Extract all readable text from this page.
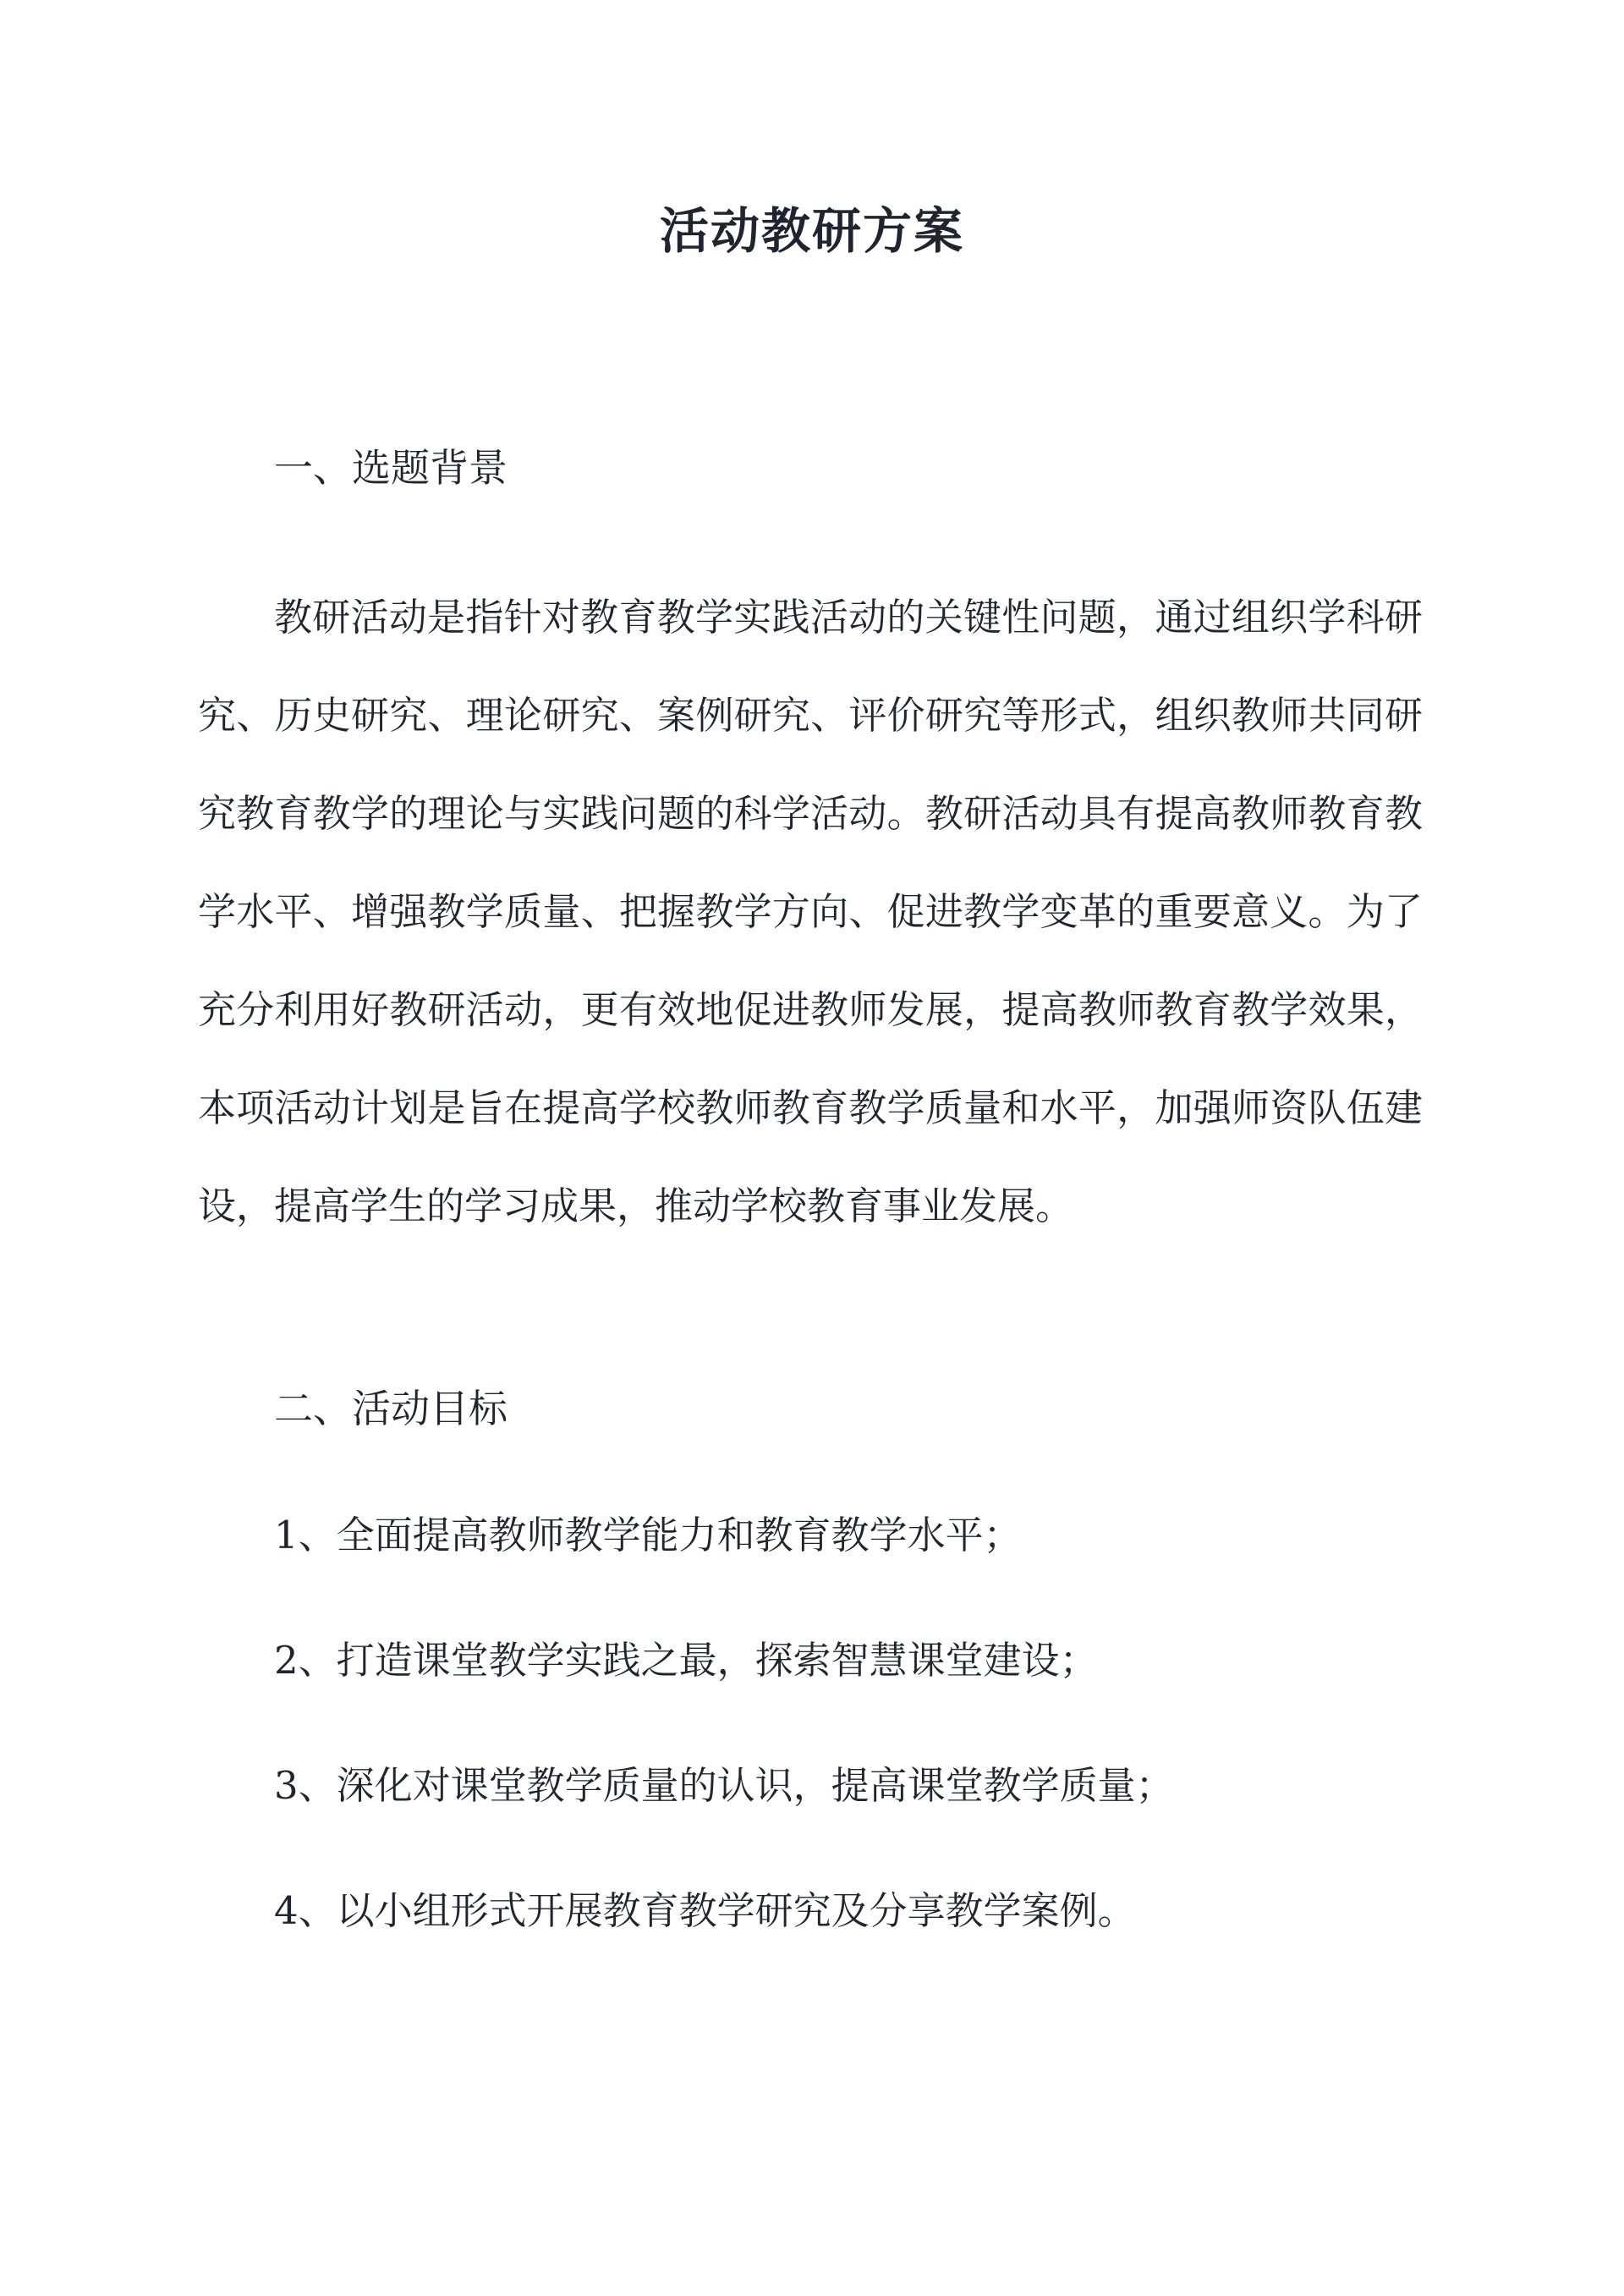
活动教研方案
一、选题背景

教研活动是指针对教育教学实践活动的关键性问题，通过组织学科研究、历史研究、理论研究、案例研究、评价研究等形式，组织教师共同研究教育教学的理论与实践问题的科学活动。教研活动具有提高教师教育教学水平、增强教学质量、把握教学方向、促进教学变革的重要意义。为了充分利用好教研活动，更有效地促进教师发展，提高教师教育教学效果，本项活动计划是旨在提高学校教师教育教学质量和水平，加强师资队伍建设，提高学生的学习成果，推动学校教育事业发展。

二、活动目标
1、全面提高教师教学能力和教育教学水平；
2、打造课堂教学实践之最，探索智慧课堂建设；
3、深化对课堂教学质量的认识，提高课堂教学质量；
4、以小组形式开展教育教学研究及分享教学案例。
